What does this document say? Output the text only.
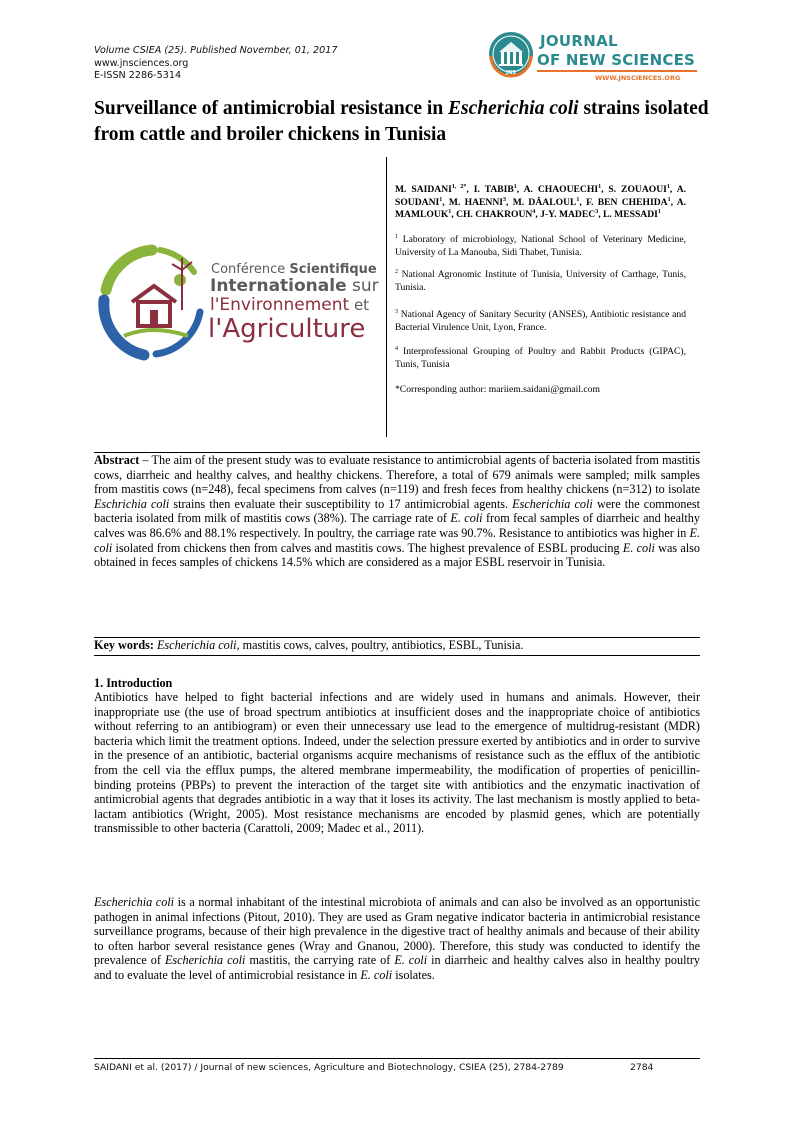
Volume CSIEA (25). Published November, 01, 2017
www.jnsciences.org
E-ISSN 2286-5314	JNS
JOURNAL
OF NEW SCIENCES
WWW.JNSCIENCES.ORG
Surveillance of antimicrobial resistance in Escherichia coli strains isolated from cattle and broiler chickens in Tunisia
Conférence Scientifique
Internationale sur
l'Environnement et
l'Agriculture
M. $SAIDANI^{1, 2*}$, I. TABIB$^1$, A. CHAOUECHI$^1$, S. ZOUAOUI$^1$, A. SOUDANI$^1$, M. HAENNI$^3$, M. DÂALOUL$^1$, F. BEN CHEHIDA$^1$, A. MAMLOUK$^1$, CH. CHAKROUN$^4$, J-Y. MADEC$^3$, L. MESSADI$^1$
$^1$ Laboratory of microbiology, National School of Veterinary Medicine, University of La Manouba, Sidi Thabet, Tunisia.
$^2$ National Agronomic Institute of Tunisia, University of Carthage, Tunis, Tunisia.
$^3$ National Agency of Sanitary Security (ANSES), Antibiotic resistance and Bacterial Virulence Unit, Lyon, France.
$^4$ Interprofessional Grouping of Poultry and Rabbit Products (GIPAC), Tunis, Tunisia
*Corresponding author: mariiem.saidani@gmail.com
Abstract – The aim of the present study was to evaluate resistance to antimicrobial agents of bacteria isolated from mastitis cows, diarrheic and healthy calves, and healthy chickens. Therefore, a total of 679 animals were sampled; milk samples from mastitis cows (n=248), fecal specimens from calves (n=119) and fresh feces from healthy chickens (n=312) to isolate Eschrichia coli strains then evaluate their susceptibility to 17 antimicrobial agents. Escherichia coli were the commonest bacteria isolated from milk of mastitis cows (38%). The carriage rate of E. coli from fecal samples of diarrheic and healthy calves was 86.6% and 88.1% respectively. In poultry, the carriage rate was 90.7%. Resistance to antibiotics was higher in E. coli isolated from chickens then from calves and mastitis cows. The highest prevalence of ESBL producing E. coli was also obtained in feces samples of chickens 14.5% which are considered as a major ESBL reservoir in Tunisia.
Key words: Escherichia coli, mastitis cows, calves, poultry, antibiotics, ESBL, Tunisia.
1. Introduction
Antibiotics have helped to fight bacterial infections and are widely used in humans and animals. However, their inappropriate use (the use of broad spectrum antibiotics at insufficient doses and the inappropriate choice of antibiotics without referring to an antibiogram) or even their unnecessary use lead to the emergence of multidrug-resistant (MDR) bacteria which limit the treatment options. Indeed, under the selection pressure exerted by antibiotics and in order to survive in the presence of an antibiotic, bacterial organisms acquire mechanisms of resistance such as the efflux of the antibiotic from the cell via the efflux pumps, the altered membrane impermeability, the modification of properties of penicillin-binding proteins (PBPs) to prevent the interaction of the target site with antibiotics and the enzymatic inactivation of antimicrobial agents that degrades antibiotic in a way that it loses its activity. The last mechanism is mostly applied to beta-lactam antibiotics (Wright, 2005). Most resistance mechanisms are encoded by plasmid genes, which are potentially transmissible to other bacteria (Carattoli, 2009; Madec et al., 2011).
Escherichia coli is a normal inhabitant of the intestinal microbiota of animals and can also be involved as an opportunistic pathogen in animal infections (Pitout, 2010). They are used as Gram negative indicator bacteria in antimicrobial resistance surveillance programs, because of their high prevalence in the digestive tract of healthy animals and because of their ability to often harbor several resistance genes (Wray and Gnanou, 2000). Therefore, this study was conducted to identify the prevalence of Escherichia coli mastitis, the carrying rate of E. coli in diarrheic and healthy calves also in healthy poultry and to evaluate the level of antimicrobial resistance in E. coli isolates.
SAIDANI et al. (2017) / Journal of new sciences, Agriculture and Biotechnology, CSIEA (25), 2784-2789	2784
